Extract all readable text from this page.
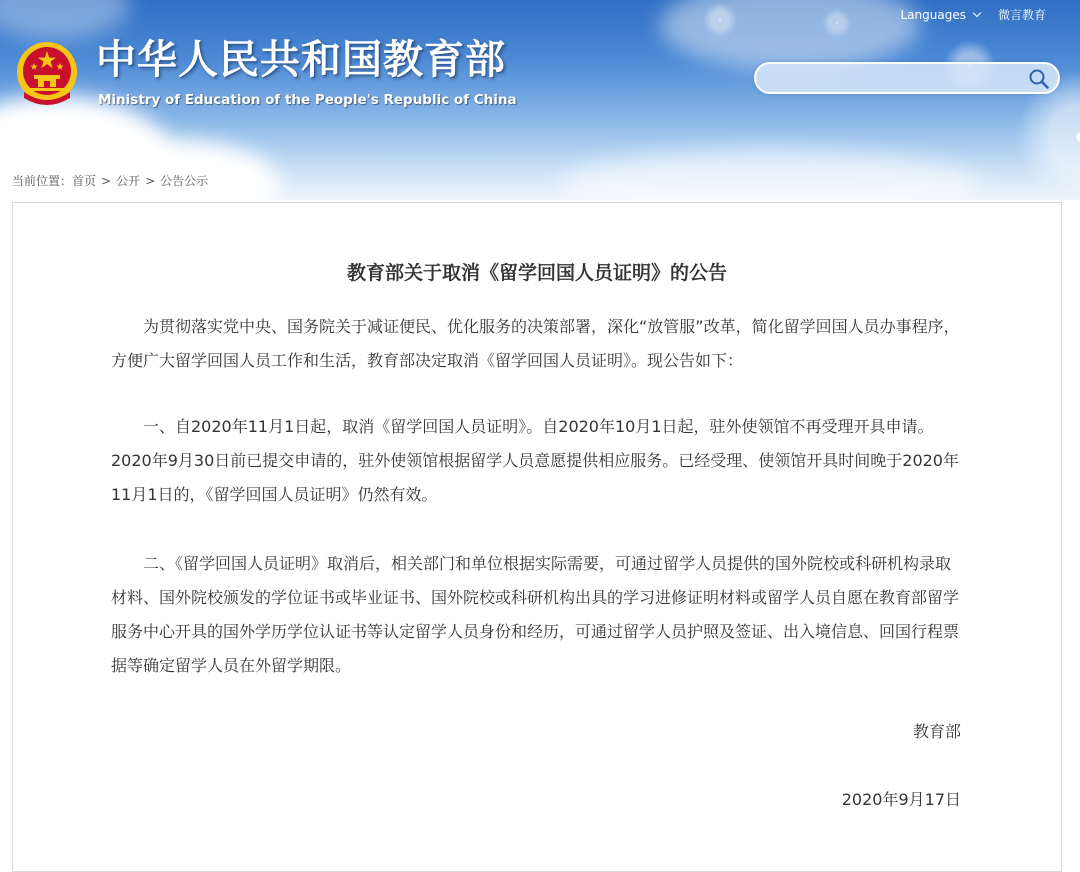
中华人民共和国教育部
Ministry of Education of the People's Republic of China
Languages	微言教育
当前位置： 首页 > 公开 > 公告公示
教育部关于取消《留学回国人员证明》的公告

为贯彻落实党中央、国务院关于减证便民、优化服务的决策部署，深化“放管服”改革，简化留学回国人员办事程序，方便广大留学回国人员工作和生活，教育部决定取消《留学回国人员证明》。现公告如下：

一、自2020年11月1日起，取消《留学回国人员证明》。自2020年10月1日起，驻外使领馆不再受理开具申请。2020年9月30日前已提交申请的，驻外使领馆根据留学人员意愿提供相应服务。已经受理、使领馆开具时间晚于2020年11月1日的，《留学回国人员证明》仍然有效。

二、《留学回国人员证明》取消后，相关部门和单位根据实际需要，可通过留学人员提供的国外院校或科研机构录取材料、国外院校颁发的学位证书或毕业证书、国外院校或科研机构出具的学习进修证明材料或留学人员自愿在教育部留学服务中心开具的国外学历学位认证书等认定留学人员身份和经历，可通过留学人员护照及签证、出入境信息、回国行程票据等确定留学人员在外留学期限。

教育部
2020年9月17日
